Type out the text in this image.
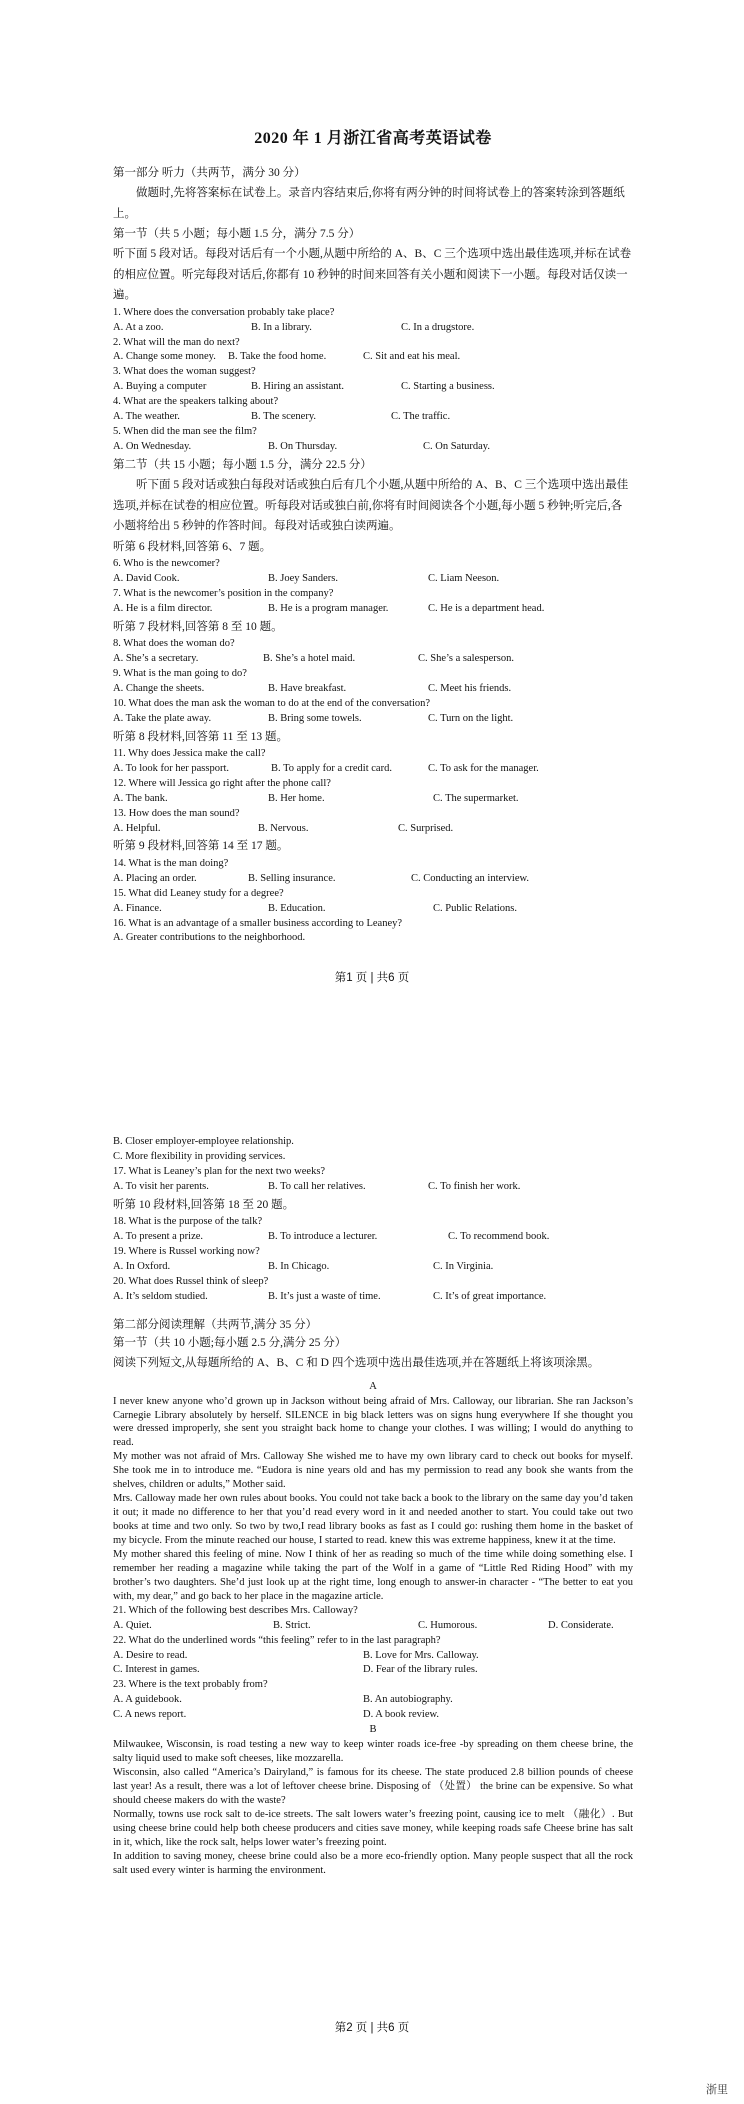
2020 年 1 月浙江省高考英语试卷
第一部分 听力（共两节，满分 30 分）
做题时,先将答案标在试卷上。录音内容结束后,你将有两分钟的时间将试卷上的答案转涂到答题纸上。
第一节（共 5 小题；每小题 1.5 分，满分 7.5 分）
听下面 5 段对话。每段对话后有一个小题,从题中所给的 A、B、C 三个选项中选出最佳选项,并标在试卷的相应位置。听完每段对话后,你都有 10 秒钟的时间来回答有关小题和阅读下一小题。每段对话仅读一遍。
1. Where does the conversation probably take place?
A. At a zoo.	B. In a library.	C. In a drugstore.
2. What will the man do next?
A. Change some money.	B. Take the food home.	C. Sit and eat his meal.
3. What does the woman suggest?
A. Buying a computer	B. Hiring an assistant.	C. Starting a business.
4. What are the speakers talking about?
A. The weather.	B. The scenery.	C. The traffic.
5. When did the man see the film?
A. On Wednesday.	B. On Thursday.	C. On Saturday.
第二节（共 15 小题；每小题 1.5 分，满分 22.5 分）
听下面 5 段对话或独白每段对话或独白后有几个小题,从题中所给的 A、B、C 三个选项中选出最佳选项,并标在试卷的相应位置。听每段对话或独白前,你将有时间阅读各个小题,每小题 5 秒钟;听完后,各小题将给出 5 秒钟的作答时间。每段对话或独白读两遍。
听第 6 段材料,回答第 6、7 题。
6. Who is the newcomer?
A. David Cook.	B. Joey Sanders.	C. Liam Neeson.
7. What is the newcomer’s position in the company?
A. He is a film director.	B. He is a program manager.	C. He is a department head.
听第 7 段材料,回答第 8 至 10 题。
8. What does the woman do?
A. She’s a secretary.	B. She’s a hotel maid.	C. She’s a salesperson.
9. What is the man going to do?
A. Change the sheets.	B. Have breakfast.	C. Meet his friends.
10. What does the man ask the woman to do at the end of the conversation?
A. Take the plate away.	B. Bring some towels.	C. Turn on the light.
听第 8 段材料,回答第 11 至 13 题。
11. Why does Jessica make the call?
A. To look for her passport.	B. To apply for a credit card.	C. To ask for the manager.
12. Where will Jessica go right after the phone call?
A. The bank.	B. Her home.	C. The supermarket.
13. How does the man sound?
A. Helpful.	B. Nervous.	C. Surprised.
听第 9 段材料,回答第 14 至 17 题。
14. What is the man doing?
A. Placing an order.	B. Selling insurance.	C. Conducting an interview.
15. What did Leaney study for a degree?
A. Finance.	B. Education.	C. Public Relations.
16. What is an advantage of a smaller business according to Leaney?
A. Greater contributions to the neighborhood.
第1 页 | 共6 页
B. Closer employer-employee relationship.
C. More flexibility in providing services.
17. What is Leaney’s plan for the next two weeks?
A. To visit her parents.	B. To call her relatives.	C. To finish her work.
听第 10 段材料,回答第 18 至 20 题。
18. What is the purpose of the talk?
A. To present a prize.	B. To introduce a lecturer.	C. To recommend book.
19. Where is Russel working now?
A. In Oxford.	B. In Chicago.	C. In Virginia.
20. What does Russel think of sleep?
A. It’s seldom studied.	B. It’s just a waste of time.	C. It’s of great importance.
第二部分阅读理解（共两节,满分 35 分）
第一节（共 10 小题;每小题 2.5 分,满分 25 分）
阅读下列短文,从每题所给的 A、B、C 和 D 四个选项中选出最佳选项,并在答题纸上将该项涂黑。
A
I never knew anyone who’d grown up in Jackson without being afraid of Mrs. Calloway, our librarian. She ran Jackson’s Carnegie Library absolutely by herself. SILENCE in big black letters was on signs hung everywhere If she thought you were dressed improperly, she sent you straight back home to change your clothes. I was willing; I would do anything to read.
My mother was not afraid of Mrs. Calloway She wished me to have my own library card to check out books for myself. She took me in to introduce me. “Eudora is nine years old and has my permission to read any book she wants from the shelves, children or adults,” Mother said.
Mrs. Calloway made her own rules about books. You could not take back a book to the library on the same day you’d taken it out; it made no difference to her that you’d read every word in it and needed another to start. You could take out two books at time and two only. So two by two,I read library books as fast as I could go: rushing them home in the basket of my bicycle. From the minute reached our house, I started to read. knew this was extreme happiness, knew it at the time.
My mother shared this feeling of mine. Now I think of her as reading so much of the time while doing something else. I remember her reading a magazine while taking the part of the Wolf in a game of “Little Red Riding Hood” with my brother’s two daughters. She’d just look up at the right time, long enough to answer-in character - “The better to eat you with, my dear,” and go back to her place in the magazine article.
21. Which of the following best describes Mrs. Calloway?
A. Quiet.	B. Strict.	C. Humorous.	D. Considerate.
22. What do the underlined words “this feeling” refer to in the last paragraph?
A. Desire to read.	B. Love for Mrs. Calloway.
C. Interest in games.	D. Fear of the library rules.
23. Where is the text probably from?
A. A guidebook.	B. An autobiography.
C. A news report.	D. A book review.
B
Milwaukee, Wisconsin, is road testing a new way to keep winter roads ice-free -by spreading on them cheese brine, the salty liquid used to make soft cheeses, like mozzarella.
Wisconsin, also called “America’s Dairyland,” is famous for its cheese. The state produced 2.8 billion pounds of cheese last year! As a result, there was a lot of leftover cheese brine. Disposing of （处置） the brine can be expensive. So what should cheese makers do with the waste?
Normally, towns use rock salt to de-ice streets. The salt lowers water’s freezing point, causing ice to melt （融化）. But using cheese brine could help both cheese producers and cities save money, while keeping roads safe Cheese brine has salt in it, which, like the rock salt, helps lower water’s freezing point.
In addition to saving money, cheese brine could also be a more eco-friendly option. Many people suspect that all the rock salt used every winter is harming the environment.
第2 页 | 共6 页
浙里
